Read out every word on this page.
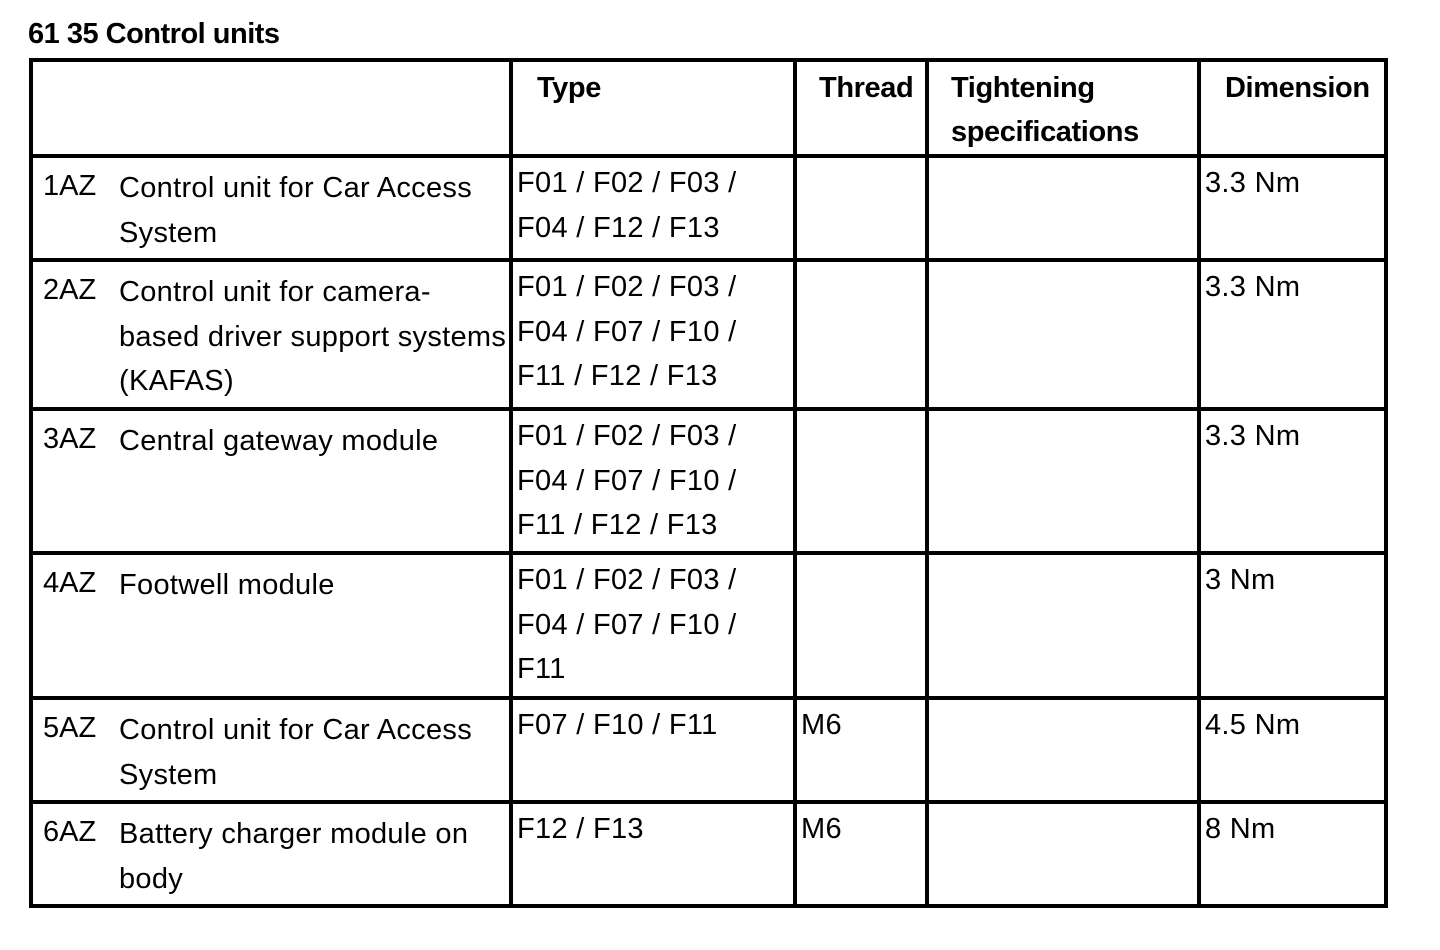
61 35 Control units
	Type	Thread	Tightening specifications	Dimension

1AZ Control unit for Car Access System	F01 / F02 / F03 / F04 / F12 / F13			3.3 Nm

2AZ Control unit for camera-based driver support systems (KAFAS)	F01 / F02 / F03 / F04 / F07 / F10 / F11 / F12 / F13			3.3 Nm

3AZ Central gateway module	F01 / F02 / F03 / F04 / F07 / F10 / F11 / F12 / F13			3.3 Nm

4AZ Footwell module	F01 / F02 / F03 / F04 / F07 / F10 / F11			3 Nm

5AZ Control unit for Car Access System	F07 / F10 / F11	M6		4.5 Nm

6AZ Battery charger module on body	F12 / F13	M6		8 Nm
